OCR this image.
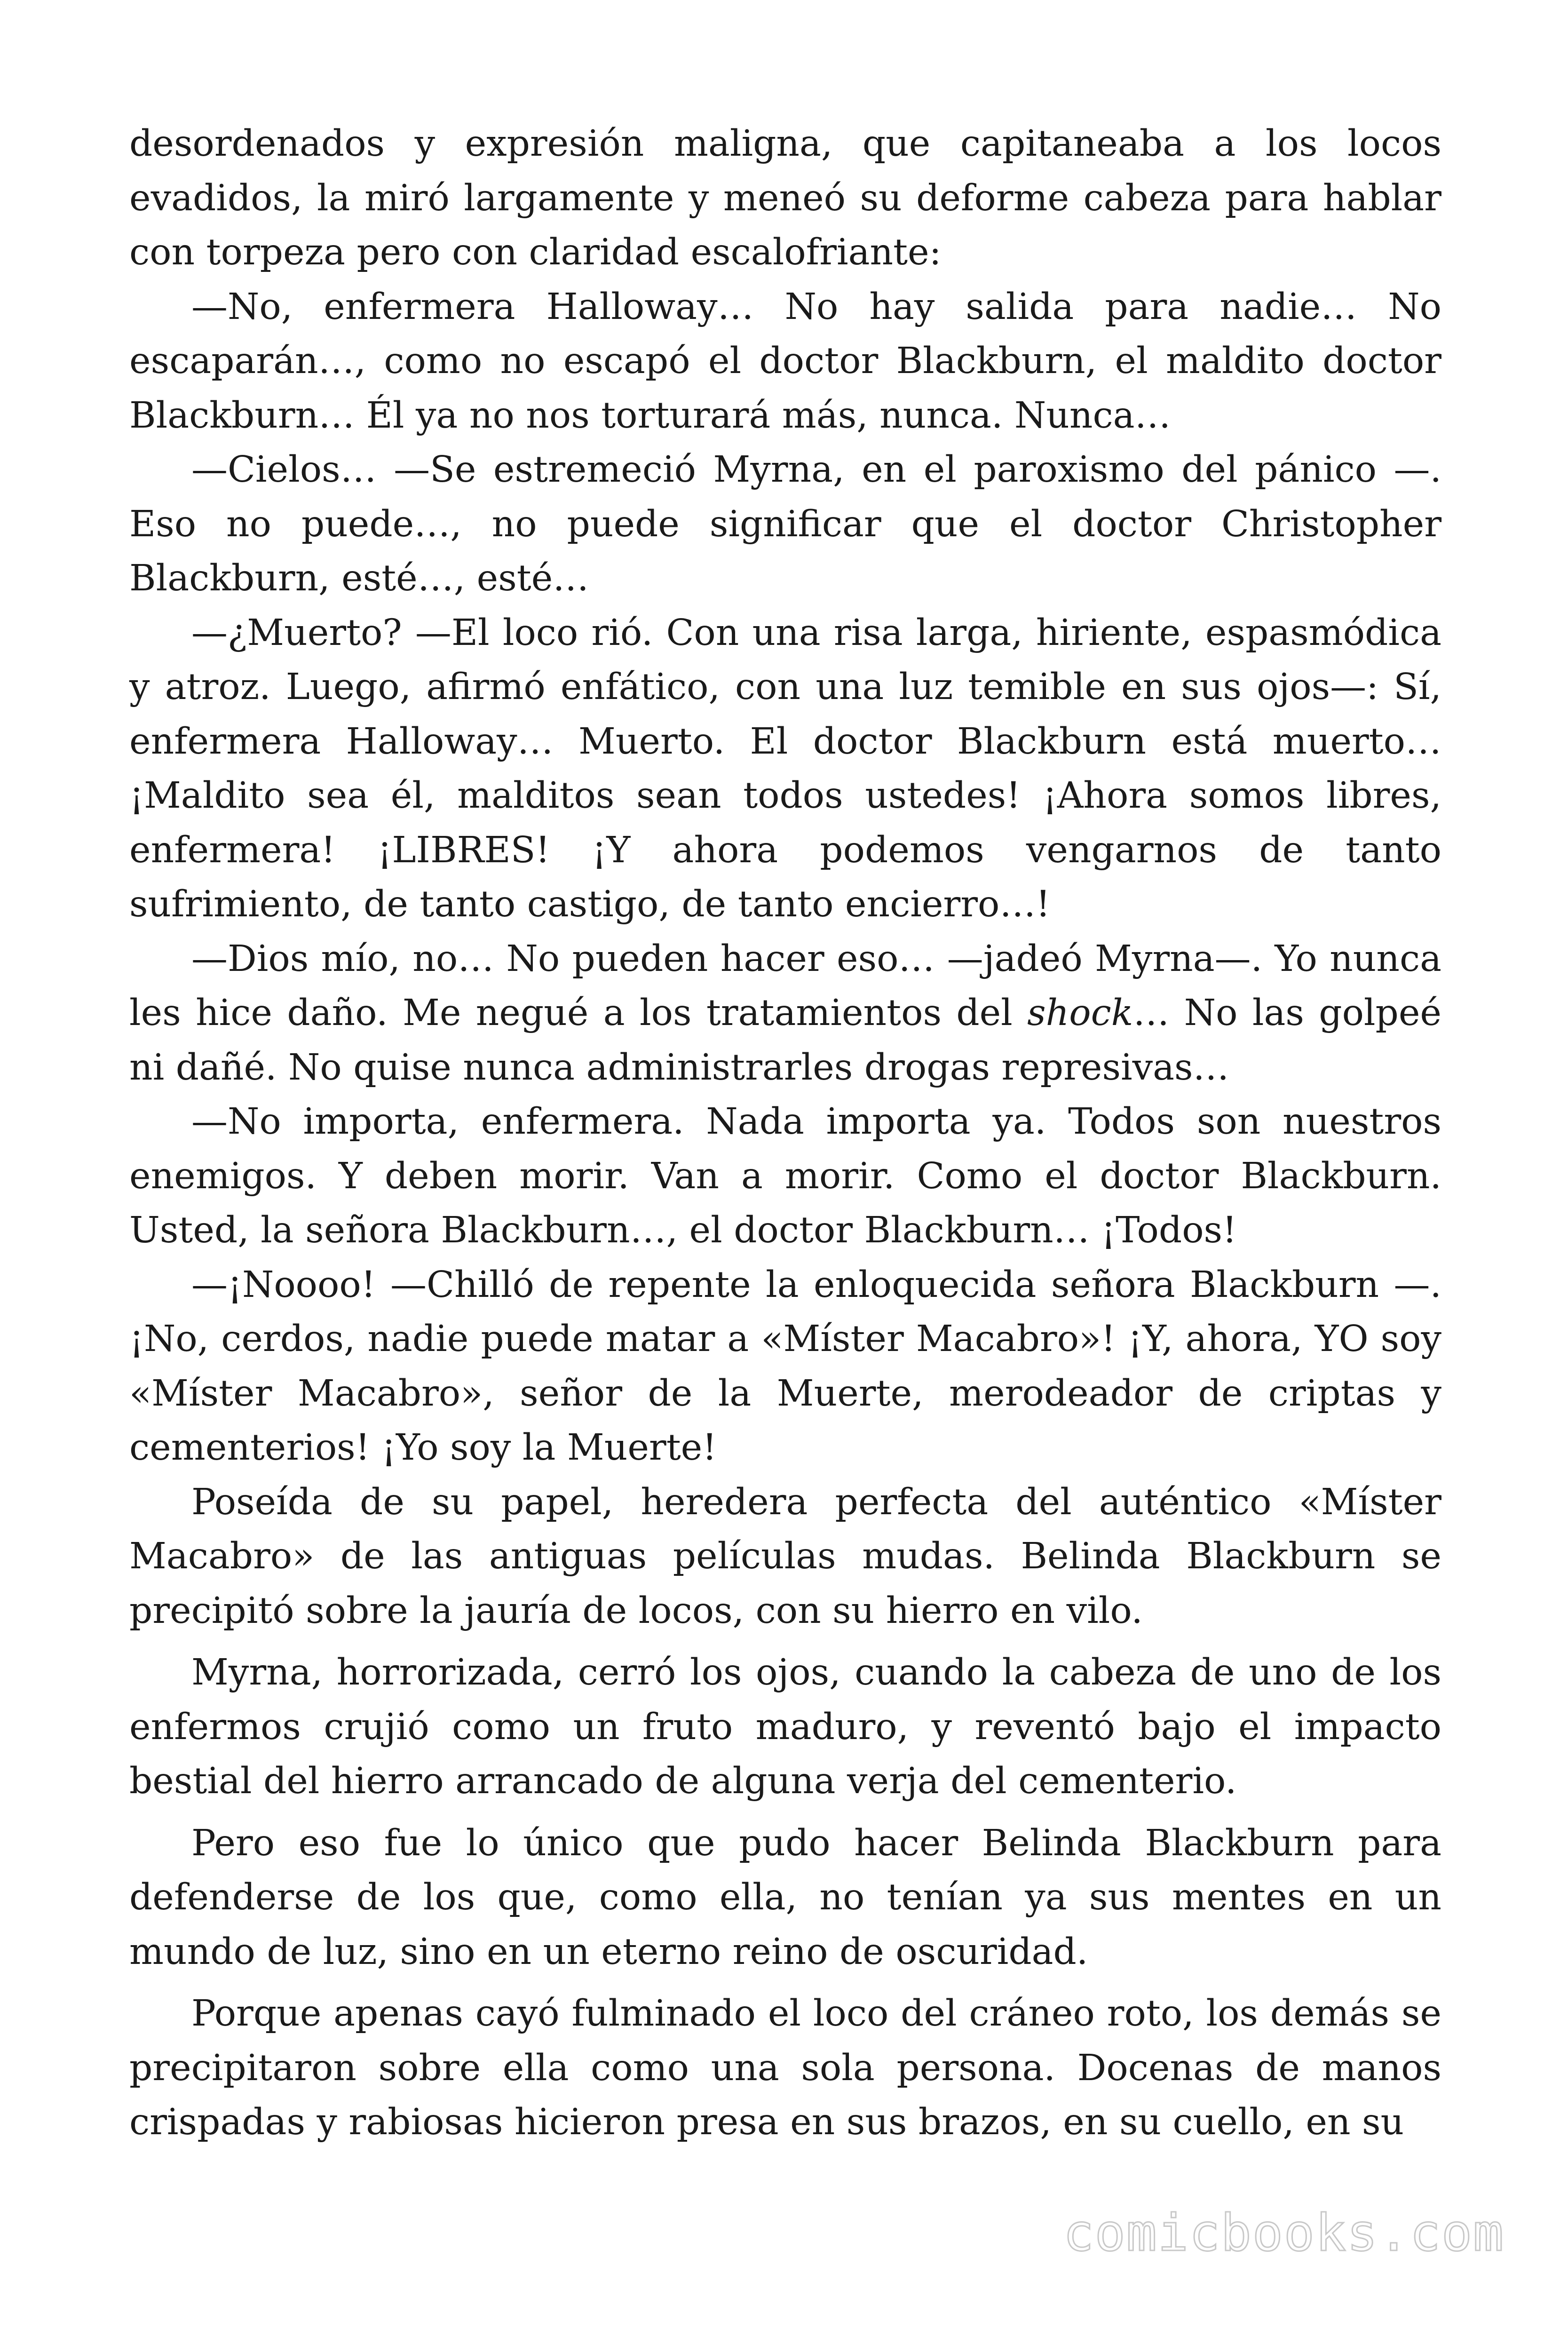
desordenados y expresión maligna, que capitaneaba a los locos evadidos, la miró largamente y meneó su deforme cabeza para hablar con torpeza pero con claridad escalofriante:

—No, enfermera Halloway… No hay salida para nadie… No escaparán…, como no escapó el doctor Blackburn, el maldito doctor Blackburn… Él ya no nos torturará más, nunca. Nunca…

—Cielos… —Se estremeció Myrna, en el paroxismo del pánico —. Eso no puede…, no puede significar que el doctor Christopher Blackburn, esté…, esté…

—¿Muerto? —El loco rió. Con una risa larga, hiriente, espasmódica y atroz. Luego, afirmó enfático, con una luz temible en sus ojos—: Sí, enfermera Halloway… Muerto. El doctor Blackburn está muerto… ¡Maldito sea él, malditos sean todos ustedes! ¡Ahora somos libres, enfermera! ¡LIBRES! ¡Y ahora podemos vengarnos de tanto sufrimiento, de tanto castigo, de tanto encierro…!

—Dios mío, no… No pueden hacer eso… —jadeó Myrna—. Yo nunca les hice daño. Me negué a los tratamientos del shock… No las golpeé ni dañé. No quise nunca administrarles drogas represivas…

—No importa, enfermera. Nada importa ya. Todos son nuestros enemigos. Y deben morir. Van a morir. Como el doctor Blackburn. Usted, la señora Blackburn…, el doctor Blackburn… ¡Todos!

—¡Noooo! —Chilló de repente la enloquecida señora Blackburn —. ¡No, cerdos, nadie puede matar a «Míster Macabro»! ¡Y, ahora, YO soy «Míster Macabro», señor de la Muerte, merodeador de criptas y cementerios! ¡Yo soy la Muerte!

Poseída de su papel, heredera perfecta del auténtico «Míster Macabro» de las antiguas películas mudas. Belinda Blackburn se precipitó sobre la jauría de locos, con su hierro en vilo.

Myrna, horrorizada, cerró los ojos, cuando la cabeza de uno de los enfermos crujió como un fruto maduro, y reventó bajo el impacto bestial del hierro arrancado de alguna verja del cementerio.

Pero eso fue lo único que pudo hacer Belinda Blackburn para defenderse de los que, como ella, no tenían ya sus mentes en un mundo de luz, sino en un eterno reino de oscuridad.

Porque apenas cayó fulminado el loco del cráneo roto, los demás se precipitaron sobre ella como una sola persona. Docenas de manos crispadas y rabiosas hicieron presa en sus brazos, en su cuello, en su

comicbooks.com
